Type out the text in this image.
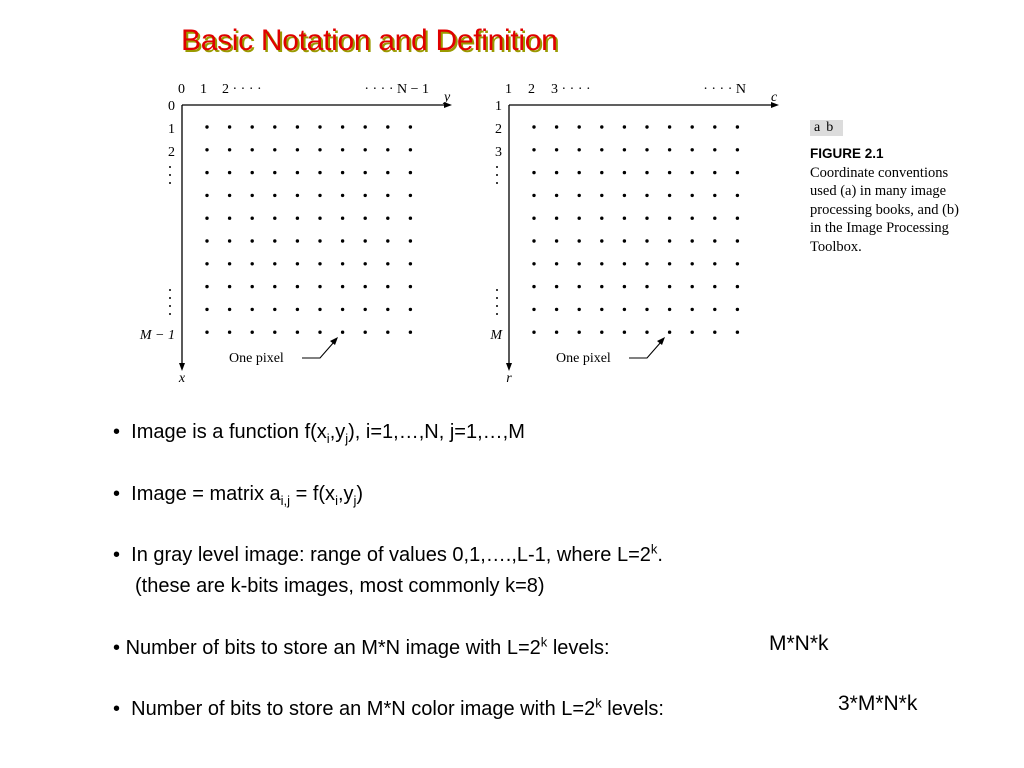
Basic Notation and Definition
0 1 2 · · · ·	· · · · N − 1
y
0
1
2
M − 1
x
One pixel
1 2 3 · · · ·	· · · · N
c
1
2
3
M
r
One pixel
a b
FIGURE 2.1
Coordinate conventions used (a) in many image processing books, and (b) in the Image Processing Toolbox.
• Image is a function $f(x_i,y_j)$, i=1,…,N, j=1,…,M
• Image = matrix $a_{i,j} = f(x_i,y_j)$
• In gray level image: range of values 0,1,….,L-1, where $L=2^k$.
(these are k-bits images, most commonly k=8)
• Number of bits to store an M*N image with $L=2^k$ levels:	M*N*k
• Number of bits to store an M*N color image with $L=2^k$ levels:	3*M*N*k
